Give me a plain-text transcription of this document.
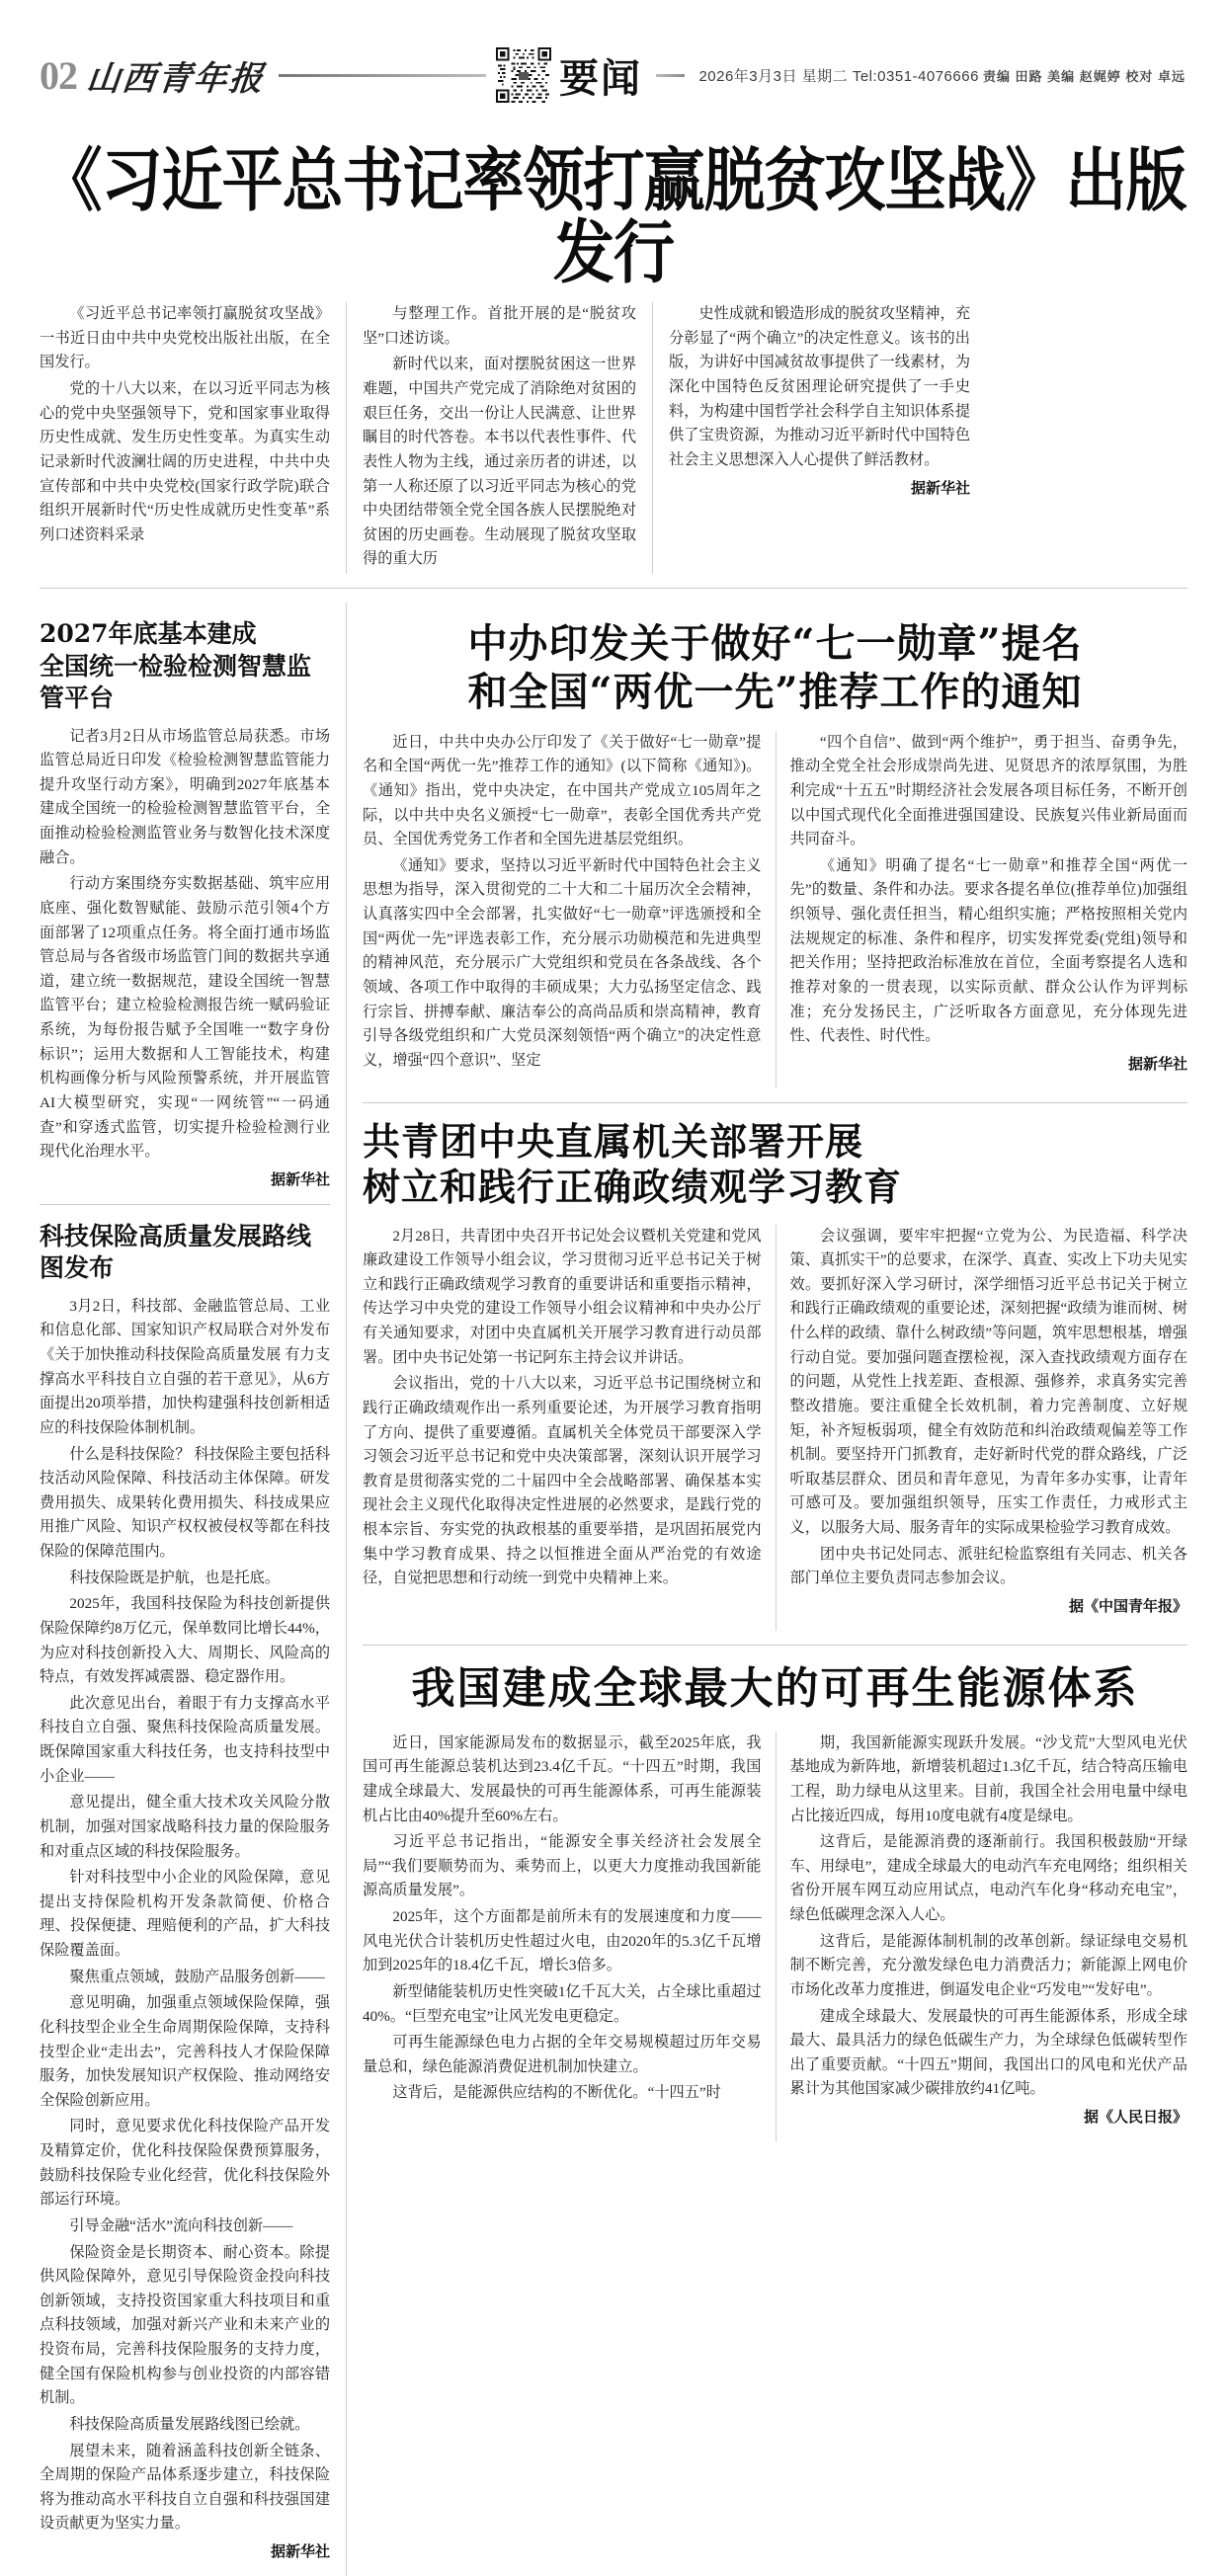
02 山西青年报	要闻	2026年3月3日 星期二 Tel:0351-4076666 责编 田路 美编 赵娓婷 校对 卓远
《习近平总书记率领打赢脱贫攻坚战》出版发行

《习近平总书记率领打赢脱贫攻坚战》一书近日由中共中央党校出版社出版，在全国发行。

党的十八大以来，在以习近平同志为核心的党中央坚强领导下，党和国家事业取得历史性成就、发生历史性变革。为真实生动记录新时代波澜壮阔的历史进程，中共中央宣传部和中共中央党校(国家行政学院)联合组织开展新时代“历史性成就历史性变革”系列口述资料采录

与整理工作。首批开展的是“脱贫攻坚”口述访谈。

新时代以来，面对摆脱贫困这一世界难题，中国共产党完成了消除绝对贫困的艰巨任务，交出一份让人民满意、让世界瞩目的时代答卷。本书以代表性事件、代表性人物为主线，通过亲历者的讲述，以第一人称还原了以习近平同志为核心的党中央团结带领全党全国各族人民摆脱绝对贫困的历史画卷。生动展现了脱贫攻坚取得的重大历

史性成就和锻造形成的脱贫攻坚精神，充分彰显了“两个确立”的决定性意义。该书的出版，为讲好中国减贫故事提供了一线素材，为深化中国特色反贫困理论研究提供了一手史料，为构建中国哲学社会科学自主知识体系提供了宝贵资源，为推动习近平新时代中国特色社会主义思想深入人心提供了鲜活教材。

据新华社

2027年底基本建成
全国统一检验检测智慧监管平台

记者3月2日从市场监管总局获悉。市场监管总局近日印发《检验检测智慧监管能力提升攻坚行动方案》，明确到2027年底基本建成全国统一的检验检测智慧监管平台，全面推动检验检测监管业务与数智化技术深度融合。

行动方案围绕夯实数据基础、筑牢应用底座、强化数智赋能、鼓励示范引领4个方面部署了12项重点任务。将全面打通市场监管总局与各省级市场监管门间的数据共享通道，建立统一数据规范，建设全国统一智慧监管平台；建立检验检测报告统一赋码验证系统，为每份报告赋予全国唯一“数字身份标识”；运用大数据和人工智能技术，构建机构画像分析与风险预警系统，并开展监管AI大模型研究，实现“一网统管”“一码通查”和穿透式监管，切实提升检验检测行业现代化治理水平。

据新华社

科技保险高质量发展路线图发布

3月2日，科技部、金融监管总局、工业和信息化部、国家知识产权局联合对外发布《关于加快推动科技保险高质量发展 有力支撑高水平科技自立自强的若干意见》，从6方面提出20项举措，加快构建强科技创新相适应的科技保险体制机制。

什么是科技保险？ 科技保险主要包括科技活动风险保障、科技活动主体保障。研发费用损失、成果转化费用损失、科技成果应用推广风险、知识产权权被侵权等都在科技保险的保障范围内。

科技保险既是护航，也是托底。

2025年，我国科技保险为科技创新提供保险保障约8万亿元，保单数同比增长44%，为应对科技创新投入大、周期长、风险高的特点，有效发挥减震器、稳定器作用。

此次意见出台，着眼于有力支撑高水平科技自立自强、聚焦科技保险高质量发展。既保障国家重大科技任务，也支持科技型中小企业——

意见提出，健全重大技术攻关风险分散机制，加强对国家战略科技力量的保险服务和对重点区域的科技保险服务。

针对科技型中小企业的风险保障，意见提出支持保险机构开发条款简便、价格合理、投保便捷、理赔便利的产品，扩大科技保险覆盖面。

聚焦重点领域，鼓励产品服务创新——

意见明确，加强重点领域保险保障，强化科技型企业全生命周期保险保障，支持科技型企业“走出去”，完善科技人才保险保障服务，加快发展知识产权保险、推动网络安全保险创新应用。

同时，意见要求优化科技保险产品开发及精算定价，优化科技保险保费预算服务，鼓励科技保险专业化经营，优化科技保险外部运行环境。

引导金融“活水”流向科技创新——

保险资金是长期资本、耐心资本。除提供风险保障外，意见引导保险资金投向科技创新领域，支持投资国家重大科技项目和重点科技领域，加强对新兴产业和未来产业的投资布局，完善科技保险服务的支持力度，健全国有保险机构参与创业投资的内部容错机制。

科技保险高质量发展路线图已绘就。

展望未来，随着涵盖科技创新全链条、全周期的保险产品体系逐步建立，科技保险将为推动高水平科技自立自强和科技强国建设贡献更为坚实力量。

据新华社

中办印发关于做好“七一勋章”提名
和全国“两优一先”推荐工作的通知

近日，中共中央办公厅印发了《关于做好“七一勋章”提名和全国“两优一先”推荐工作的通知》(以下简称《通知》)。《通知》指出，党中央决定，在中国共产党成立105周年之际，以中共中央名义颁授“七一勋章”，表彰全国优秀共产党员、全国优秀党务工作者和全国先进基层党组织。

《通知》要求，坚持以习近平新时代中国特色社会主义思想为指导，深入贯彻党的二十大和二十届历次全会精神，认真落实四中全会部署，扎实做好“七一勋章”评选颁授和全国“两优一先”评选表彰工作，充分展示功勋模范和先进典型的精神风范，充分展示广大党组织和党员在各条战线、各个领域、各项工作中取得的丰硕成果；大力弘扬坚定信念、践行宗旨、拼搏奉献、廉洁奉公的高尚品质和崇高精神，教育引导各级党组织和广大党员深刻领悟“两个确立”的决定性意义，增强“四个意识”、坚定

“四个自信”、做到“两个维护”，勇于担当、奋勇争先，推动全党全社会形成崇尚先进、见贤思齐的浓厚氛围，为胜利完成“十五五”时期经济社会发展各项目标任务，不断开创以中国式现代化全面推进强国建设、民族复兴伟业新局面而共同奋斗。

《通知》明确了提名“七一勋章”和推荐全国“两优一先”的数量、条件和办法。要求各提名单位(推荐单位)加强组织领导、强化责任担当，精心组织实施；严格按照相关党内法规规定的标准、条件和程序，切实发挥党委(党组)领导和把关作用；坚持把政治标准放在首位，全面考察提名人选和推荐对象的一贯表现，以实际贡献、群众公认作为评判标准；充分发扬民主，广泛听取各方面意见，充分体现先进性、代表性、时代性。

据新华社

共青团中央直属机关部署开展
树立和践行正确政绩观学习教育

2月28日，共青团中央召开书记处会议暨机关党建和党风廉政建设工作领导小组会议，学习贯彻习近平总书记关于树立和践行正确政绩观学习教育的重要讲话和重要指示精神，传达学习中央党的建设工作领导小组会议精神和中央办公厅有关通知要求，对团中央直属机关开展学习教育进行动员部署。团中央书记处第一书记阿东主持会议并讲话。

会议指出，党的十八大以来，习近平总书记围绕树立和践行正确政绩观作出一系列重要论述，为开展学习教育指明了方向、提供了重要遵循。直属机关全体党员干部要深入学习领会习近平总书记和党中央决策部署，深刻认识开展学习教育是贯彻落实党的二十届四中全会战略部署、确保基本实现社会主义现代化取得决定性进展的必然要求，是践行党的根本宗旨、夯实党的执政根基的重要举措，是巩固拓展党内集中学习教育成果、持之以恒推进全面从严治党的有效途径，自觉把思想和行动统一到党中央精神上来。

会议强调，要牢牢把握“立党为公、为民造福、科学决策、真抓实干”的总要求，在深学、真查、实改上下功夫见实效。要抓好深入学习研讨，深学细悟习近平总书记关于树立和践行正确政绩观的重要论述，深刻把握“政绩为谁而树、树什么样的政绩、靠什么树政绩”等问题，筑牢思想根基，增强行动自觉。要加强问题查摆检视，深入查找政绩观方面存在的问题，从党性上找差距、查根源、强修养，求真务实完善整改措施。要注重健全长效机制，着力完善制度、立好规矩，补齐短板弱项，健全有效防范和纠治政绩观偏差等工作机制。要坚持开门抓教育，走好新时代党的群众路线，广泛听取基层群众、团员和青年意见，为青年多办实事，让青年可感可及。要加强组织领导，压实工作责任，力戒形式主义，以服务大局、服务青年的实际成果检验学习教育成效。

团中央书记处同志、派驻纪检监察组有关同志、机关各部门单位主要负责同志参加会议。

据《中国青年报》

我国建成全球最大的可再生能源体系

近日，国家能源局发布的数据显示，截至2025年底，我国可再生能源总装机达到23.4亿千瓦。“十四五”时期，我国建成全球最大、发展最快的可再生能源体系，可再生能源装机占比由40%提升至60%左右。

习近平总书记指出，“能源安全事关经济社会发展全局”“我们要顺势而为、乘势而上，以更大力度推动我国新能源高质量发展”。

2025年，这个方面都是前所未有的发展速度和力度——风电光伏合计装机历史性超过火电，由2020年的5.3亿千瓦增加到2025年的18.4亿千瓦，增长3倍多。

新型储能装机历史性突破1亿千瓦大关，占全球比重超过40%。“巨型充电宝”让风光发电更稳定。

可再生能源绿色电力占据的全年交易规模超过历年交易量总和，绿色能源消费促进机制加快建立。

这背后，是能源供应结构的不断优化。“十四五”时

期，我国新能源实现跃升发展。“沙戈荒”大型风电光伏基地成为新阵地，新增装机超过1.3亿千瓦，结合特高压输电工程，助力绿电从这里来。目前，我国全社会用电量中绿电占比接近四成，每用10度电就有4度是绿电。

这背后，是能源消费的逐渐前行。我国积极鼓励“开绿车、用绿电”，建成全球最大的电动汽车充电网络；组织相关省份开展车网互动应用试点，电动汽车化身“移动充电宝”，绿色低碳理念深入人心。

这背后，是能源体制机制的改革创新。绿证绿电交易机制不断完善，充分激发绿色电力消费活力；新能源上网电价市场化改革力度推进，倒逼发电企业“巧发电”“发好电”。

建成全球最大、发展最快的可再生能源体系，形成全球最大、最具活力的绿色低碳生产力，为全球绿色低碳转型作出了重要贡献。“十四五”期间，我国出口的风电和光伏产品累计为其他国家减少碳排放约41亿吨。

据《人民日报》
